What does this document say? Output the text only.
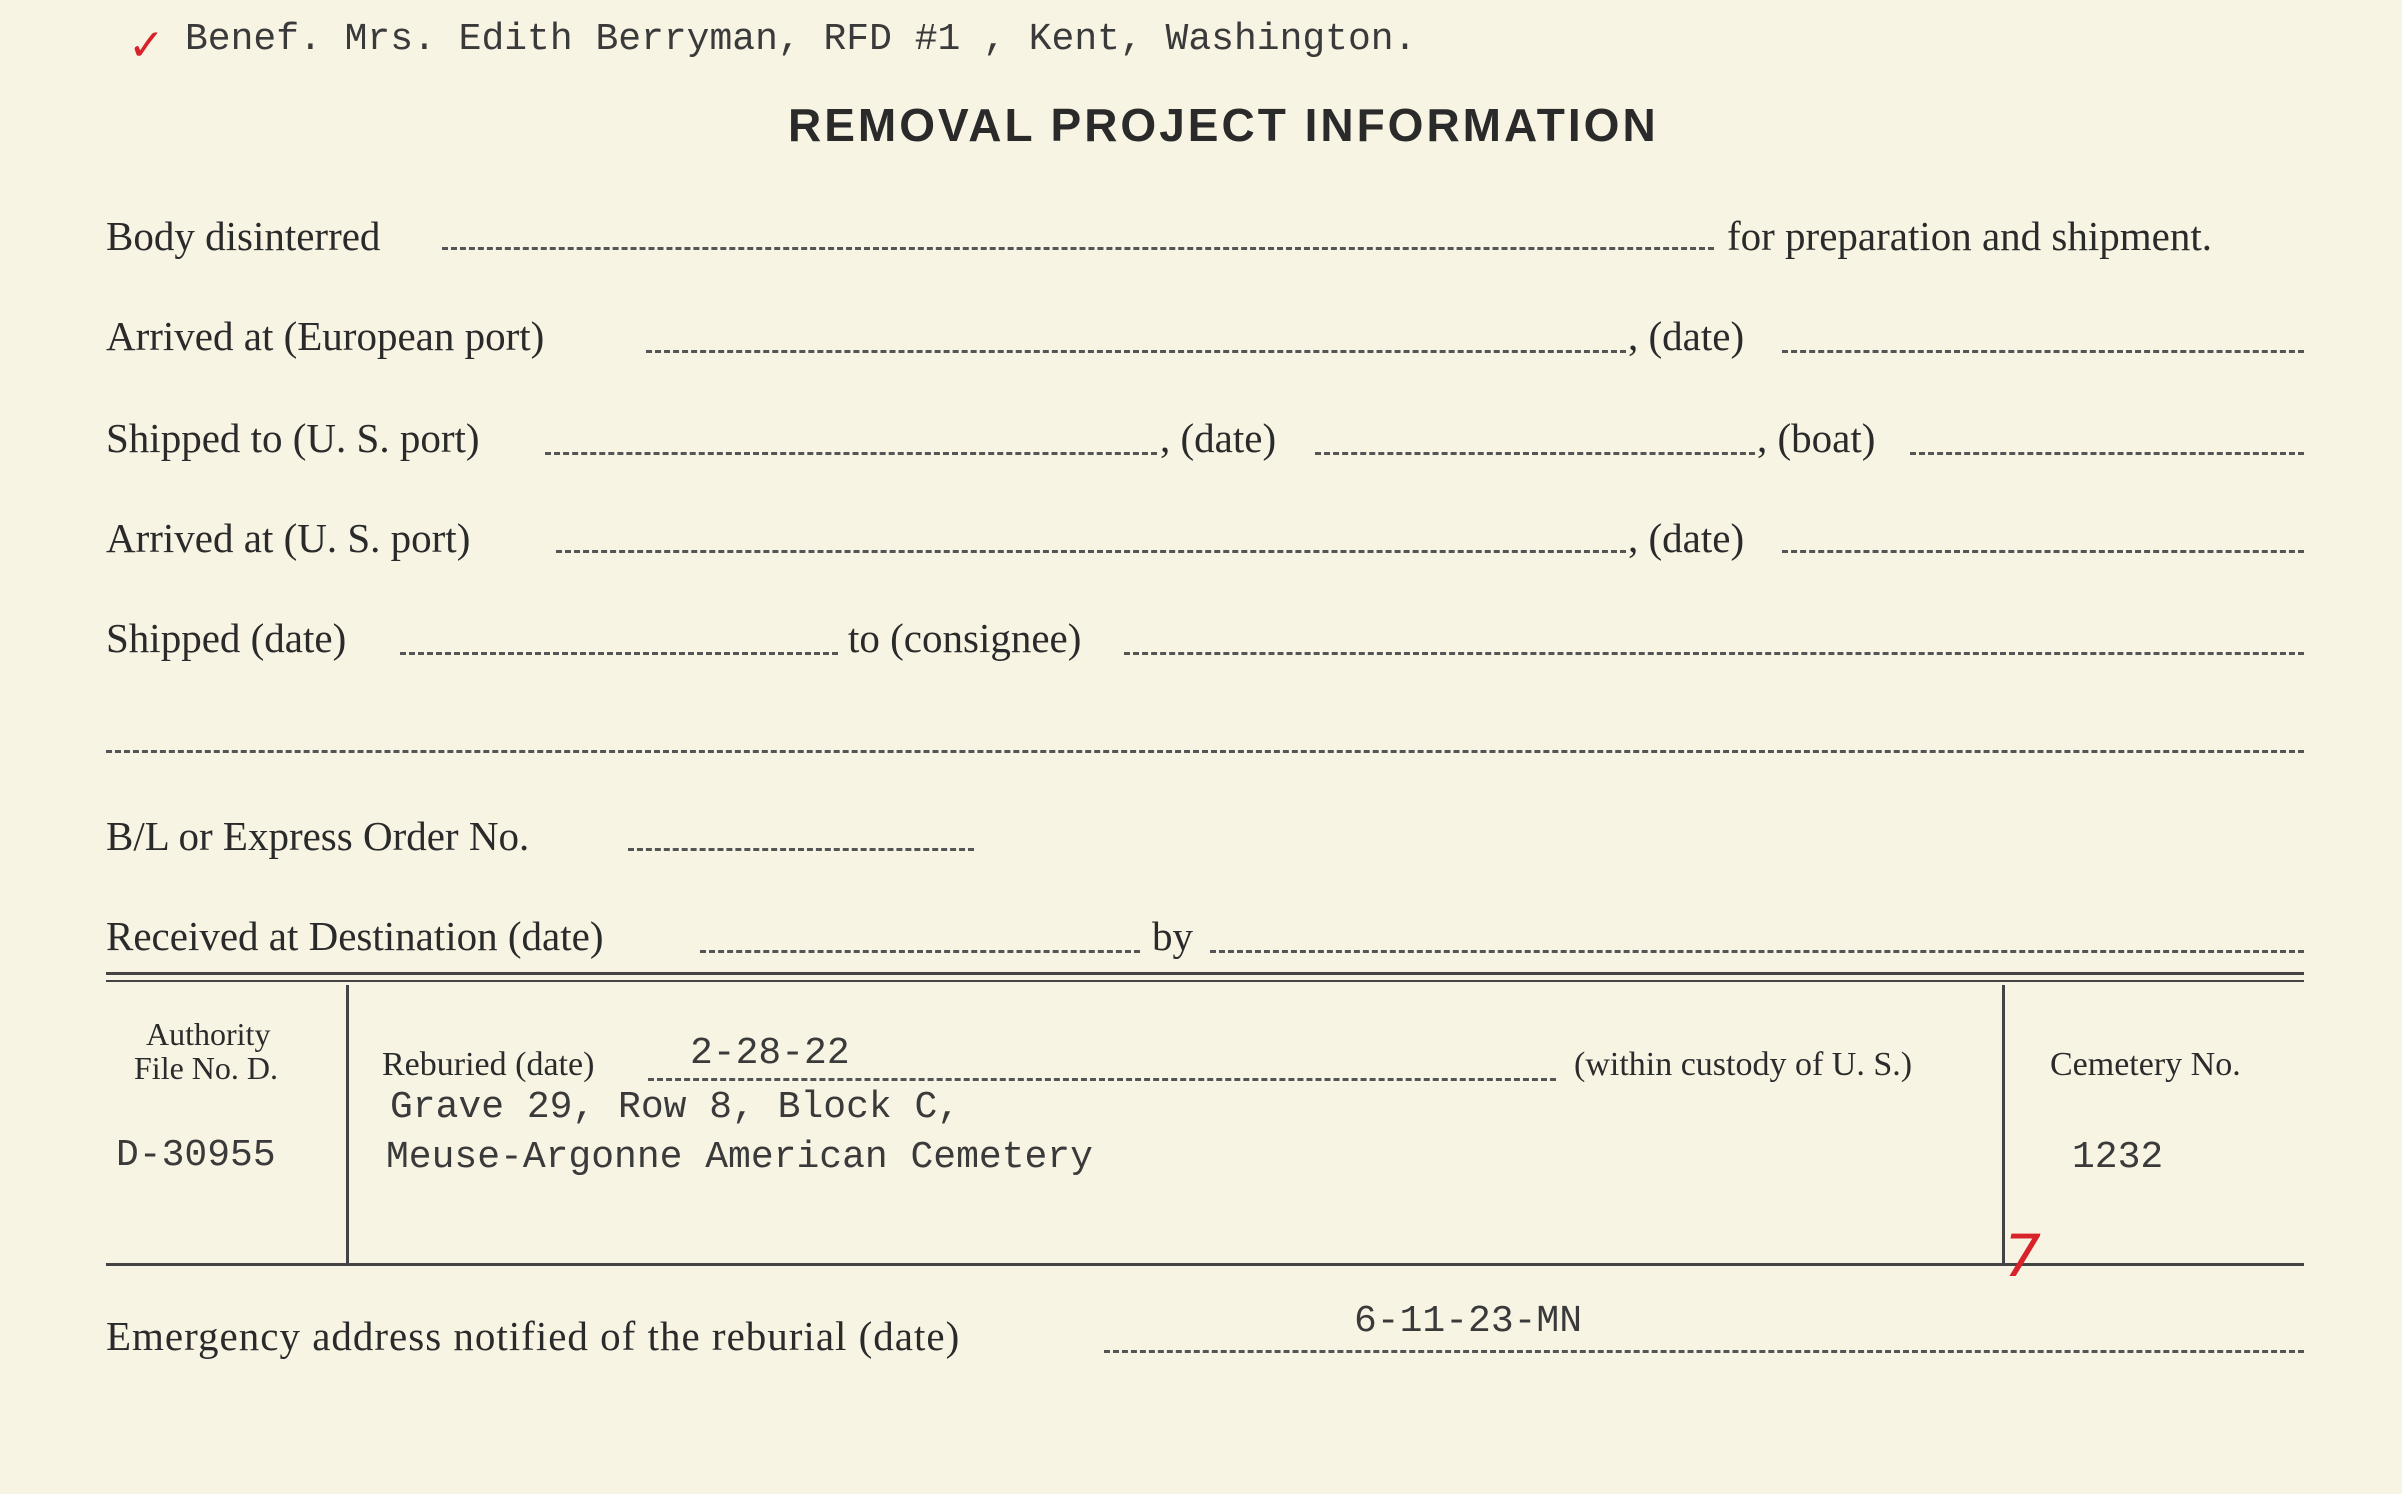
✓ Benef. Mrs. Edith Berryman, RFD #1 , Kent, Washington.
REMOVAL PROJECT INFORMATION
Body disinterred	for preparation and shipment.
Arrived at (European port)	, (date)
Shipped to (U. S. port)	, (date)	, (boat)
Arrived at (U. S. port)	, (date)
Shipped (date)	to (consignee)
B/L or Express Order No.
Received at Destination (date)	by
Authority
File No. D.
D-30955
Reburied (date)	2-28-22	(within custody of U. S.)
Grave 29, Row 8, Block C,
Meuse-Argonne American Cemetery
Cemetery No.
1232
7
Emergency address notified of the reburial (date)	6-11-23-MN
